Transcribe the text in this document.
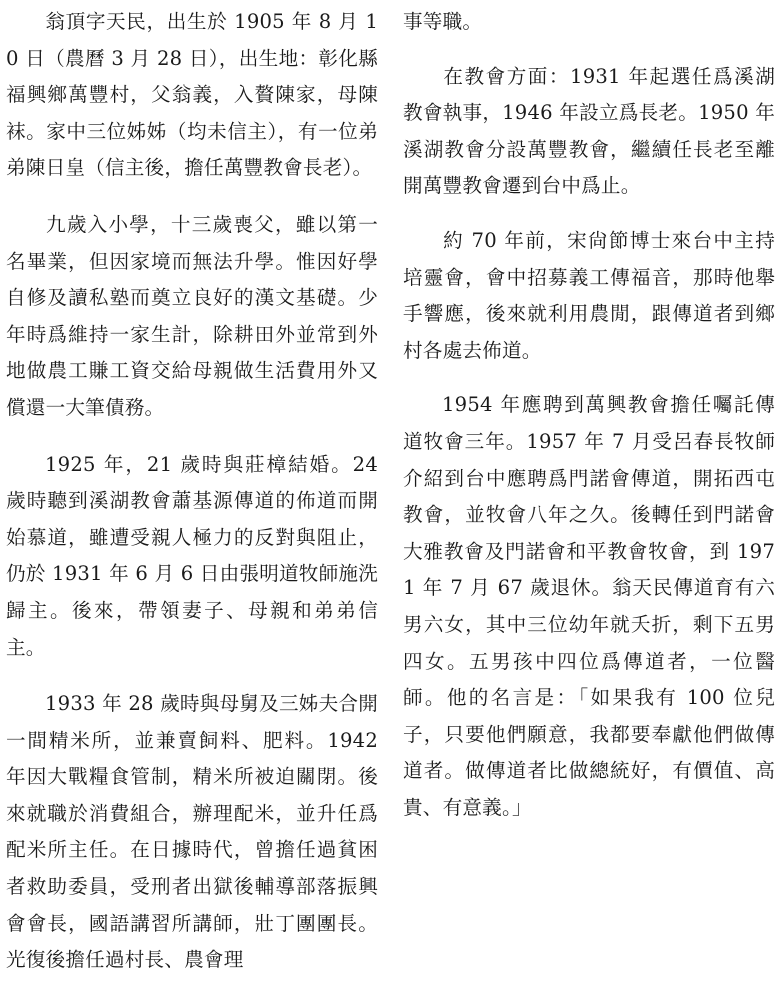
翁頂字天民，出生於 1905 年 8 月 10 日（農曆 3 月 28 日），出生地：彰化縣福興鄉萬豐村，父翁義，入贅陳家，母陳袜。家中三位姊姊（均未信主），有一位弟弟陳日皇（信主後，擔任萬豐教會長老）。

九歲入小學，十三歲喪父，雖以第一名畢業，但因家境而無法升學。惟因好學自修及讀私塾而奠立良好的漢文基礎。少年時爲維持一家生計，除耕田外並常到外地做農工賺工資交給母親做生活費用外又償還一大筆債務。

1925 年，21 歲時與莊樟結婚。24 歲時聽到溪湖教會蕭基源傳道的佈道而開始慕道，雖遭受親人極力的反對與阻止，仍於 1931 年 6 月 6 日由張明道牧師施洗歸主。後來，帶領妻子、母親和弟弟信主。

1933 年 28 歲時與母舅及三姊夫合開一間精米所，並兼賣飼料、肥料。1942 年因大戰糧食管制，精米所被迫關閉。後來就職於消費組合，辦理配米，並升任爲配米所主任。在日據時代，曾擔任過貧困者救助委員，受刑者出獄後輔導部落振興會會長，國語講習所講師，壯丁團團長。光復後擔任過村長、農會理

事等職。

在教會方面：1931 年起選任爲溪湖教會執事，1946 年設立爲長老。1950 年溪湖教會分設萬豐教會，繼續任長老至離開萬豐教會遷到台中爲止。

約 70 年前，宋尙節博士來台中主持培靈會，會中招募義工傳福音，那時他舉手響應，後來就利用農閒，跟傳道者到鄉村各處去佈道。

1954 年應聘到萬興教會擔任囑託傳道牧會三年。1957 年 7 月受呂春長牧師介紹到台中應聘爲門諾會傳道，開拓西屯教會，並牧會八年之久。後轉任到門諾會大雅教會及門諾會和平教會牧會，到 1971 年 7 月 67 歲退休。翁天民傳道育有六男六女，其中三位幼年就夭折，剩下五男四女。五男孩中四位爲傳道者，一位醫師。他的名言是：「如果我有 100 位兒子，只要他們願意，我都要奉獻他們做傳道者。做傳道者比做總統好，有價值、高貴、有意義。」
